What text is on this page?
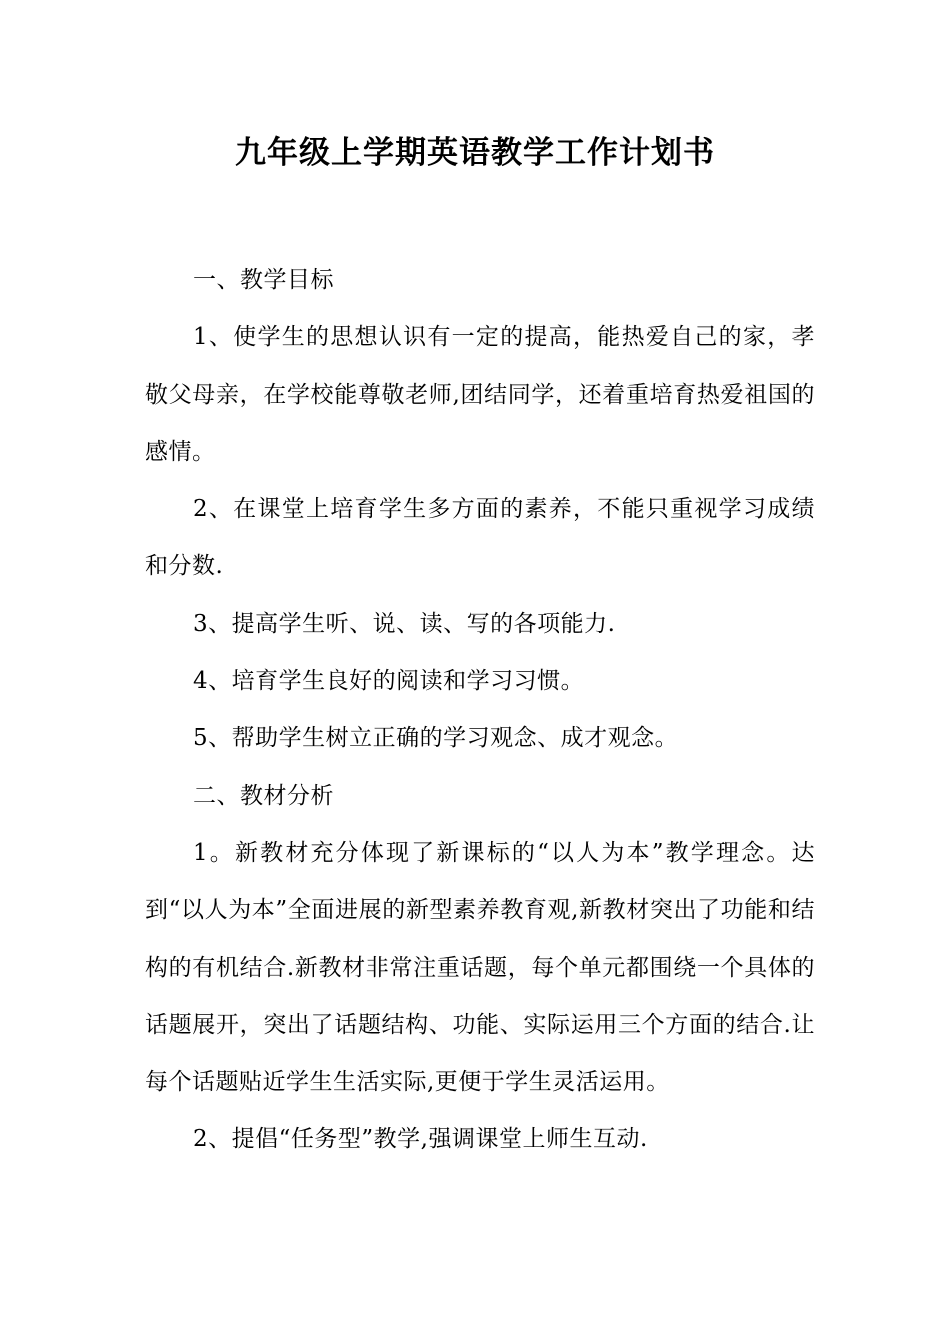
九年级上学期英语教学工作计划书

一、教学目标

1、使学生的思想认识有一定的提高，能热爱自己的家，孝敬父母亲，在学校能尊敬老师,团结同学，还着重培育热爱祖国的感情。

2、在课堂上培育学生多方面的素养，不能只重视学习成绩和分数.

3、提高学生听、说、读、写的各项能力.

4、培育学生良好的阅读和学习习惯。

5、帮助学生树立正确的学习观念、成才观念。

二、教材分析

1。新教材充分体现了新课标的“以人为本”教学理念。达到“以人为本”全面进展的新型素养教育观,新教材突出了功能和结构的有机结合.新教材非常注重话题，每个单元都围绕一个具体的话题展开，突出了话题结构、功能、实际运用三个方面的结合.让每个话题贴近学生生活实际,更便于学生灵活运用。

2、提倡“任务型”教学,强调课堂上师生互动.
